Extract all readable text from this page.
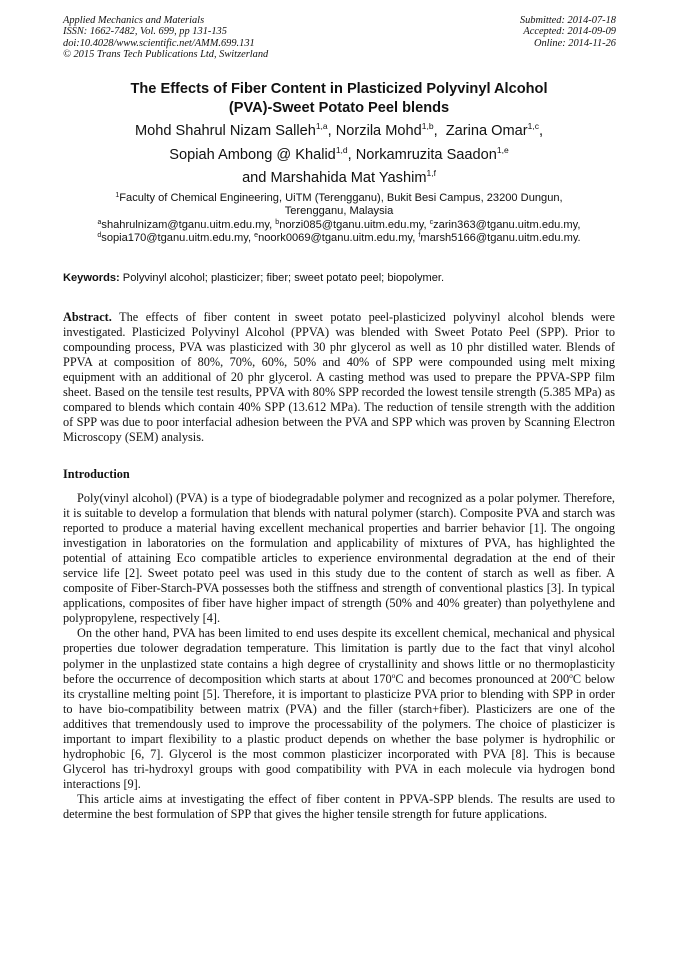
Applied Mechanics and Materials
ISSN: 1662-7482, Vol. 699, pp 131-135
doi:10.4028/www.scientific.net/AMM.699.131
© 2015 Trans Tech Publications Ltd, Switzerland
Submitted: 2014-07-18
Accepted: 2014-09-09
Online: 2014-11-26
The Effects of Fiber Content in Plasticized Polyvinyl Alcohol
(PVA)-Sweet Potato Peel blends
Mohd Shahrul Nizam Salleh$^{1,a}$, Norzila Mohd$^{1,b}$,  Zarina Omar$^{1,c}$,
Sopiah Ambong @ Khalid$^{1,d}$, Norkamruzita Saadon$^{1,e}$
and Marshahida Mat Yashim$^{1,f}$
$^1$Faculty of Chemical Engineering, UiTM (Terengganu), Bukit Besi Campus, 23200 Dungun,
Terengganu, Malaysia
$^a$shahrulnizam@tganu.uitm.edu.my, $^b$norzi085@tganu.uitm.edu.my, $^c$zarin363@tganu.uitm.edu.my,
$^d$sopia170@tganu.uitm.edu.my, $^e$noork0069@tganu.uitm.edu.my, $^f$marsh5166@tganu.uitm.edu.my.
Keywords: Polyvinyl alcohol; plasticizer; fiber; sweet potato peel; biopolymer.
Abstract. The effects of fiber content in sweet potato peel-plasticized polyvinyl alcohol blends were investigated. Plasticized Polyvinyl Alcohol (PPVA) was blended with Sweet Potato Peel (SPP). Prior to compounding process, PVA was plasticized with 30 phr glycerol as well as 10 phr distilled water. Blends of PPVA at composition of 80%, 70%, 60%, 50% and 40% of SPP were compounded using melt mixing equipment with an additional of 20 phr glycerol. A casting method was used to prepare the PPVA-SPP film sheet. Based on the tensile test results, PPVA with 80% SPP recorded the lowest tensile strength (5.385 MPa) as compared to blends which contain 40% SPP (13.612 MPa). The reduction of tensile strength with the addition of SPP was due to poor interfacial adhesion between the PVA and SPP which was proven by Scanning Electron Microscopy (SEM) analysis.
Introduction

Poly(vinyl alcohol) (PVA) is a type of biodegradable polymer and recognized as a polar polymer. Therefore, it is suitable to develop a formulation that blends with natural polymer (starch). Composite PVA and starch was reported to produce a material having excellent mechanical properties and barrier behavior [1]. The ongoing investigation in laboratories on the formulation and applicability of mixtures of PVA, has highlighted the potential of attaining Eco compatible articles to experience environmental degradation at the end of their service life [2]. Sweet potato peel was used in this study due to the content of starch as well as fiber. A composite of Fiber-Starch-PVA possesses both the stiffness and strength of conventional plastics [3]. In typical applications, composites of fiber have higher impact of strength (50% and 40% greater) than polyethylene and polypropylene, respectively [4].

On the other hand, PVA has been limited to end uses despite its excellent chemical, mechanical and physical properties due tolower degradation temperature. This limitation is partly due to the fact that vinyl alcohol polymer in the unplastized state contains a high degree of crystallinity and shows little or no thermoplasticity before the occurrence of decomposition which starts at about 170$^o$C and becomes pronounced at 200$^o$C below its crystalline melting point [5]. Therefore, it is important to plasticize PVA prior to blending with SPP in order to have bio-compatibility between matrix (PVA) and the filler (starch+fiber). Plasticizers are one of the additives that tremendously used to improve the processability of the polymers. The choice of plasticizer is important to impart flexibility to a plastic product depends on whether the base polymer is hydrophilic or hydrophobic [6, 7]. Glycerol is the most common plasticizer incorporated with PVA [8]. This is because Glycerol has tri-hydroxyl groups with good compatibility with PVA in each molecule via hydrogen bond interactions [9].

This article aims at investigating the effect of fiber content in PPVA-SPP blends. The results are used to determine the best formulation of SPP that gives the higher tensile strength for future applications.
